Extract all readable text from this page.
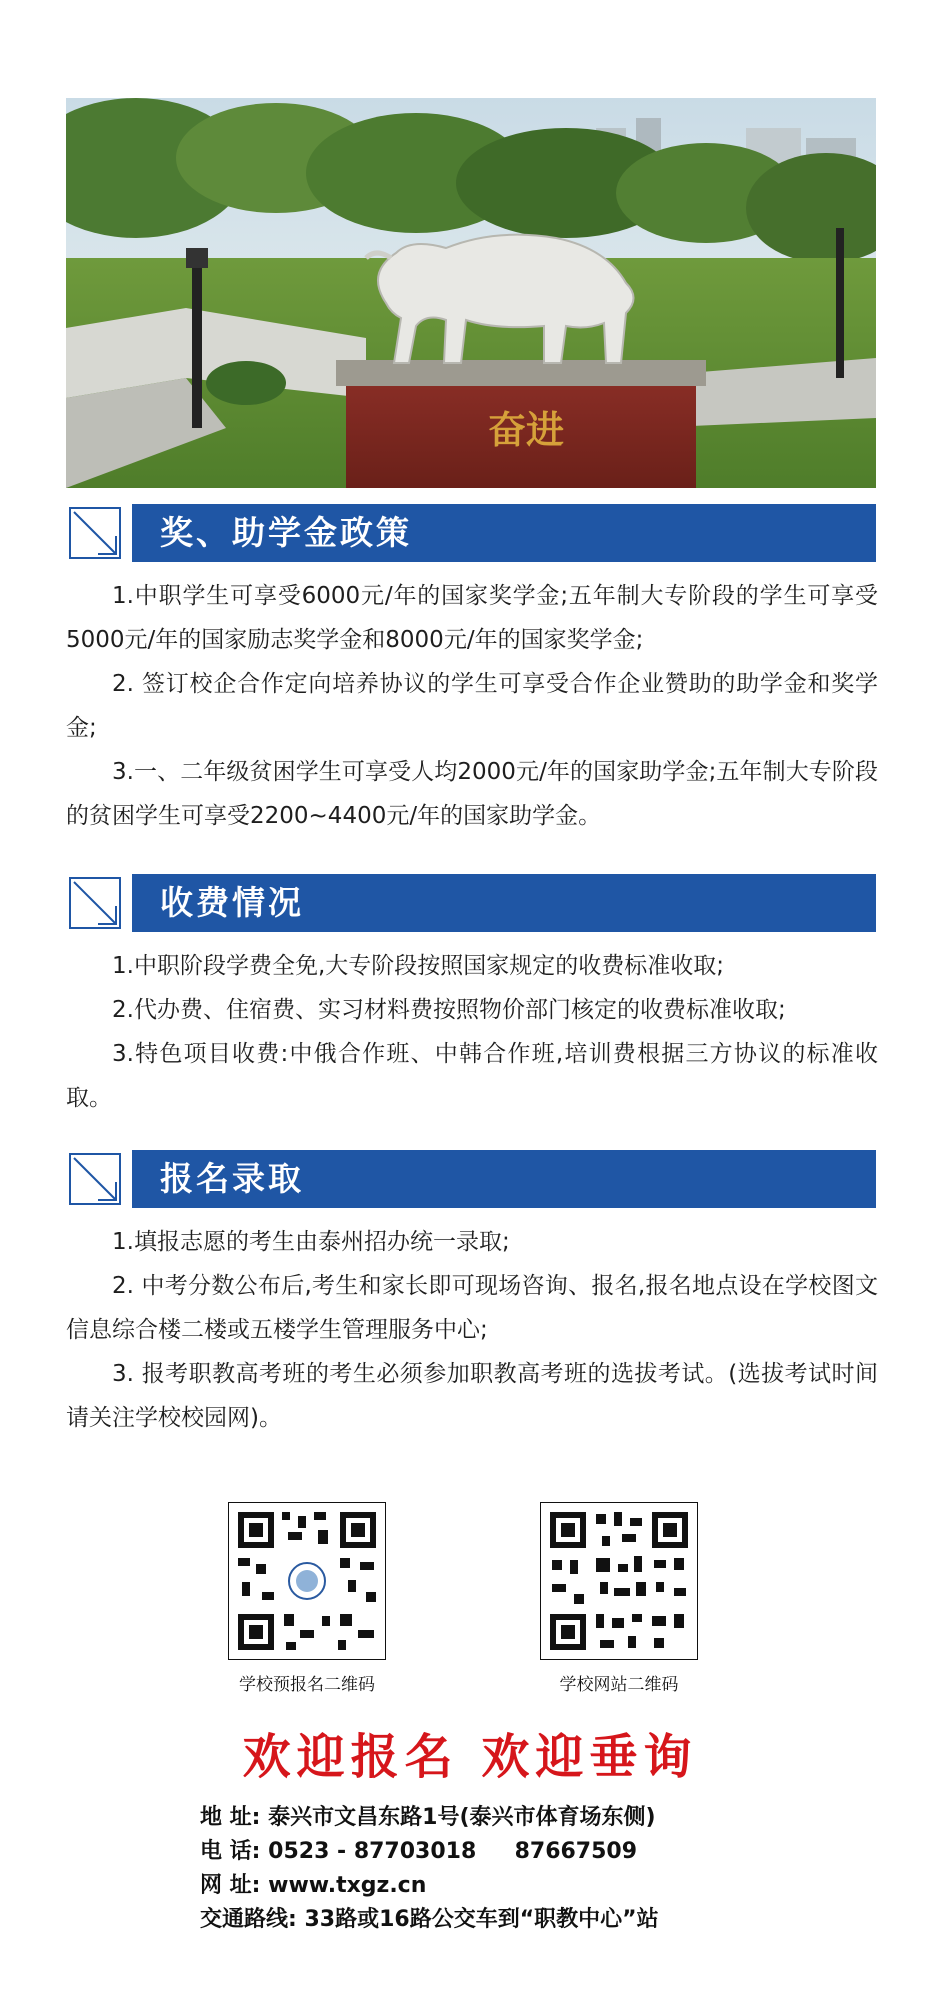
奋进
奖、助学金政策

1.中职学生可享受6000元/年的国家奖学金;五年制大专阶段的学生可享受5000元/年的国家励志奖学金和8000元/年的国家奖学金;

2. 签订校企合作定向培养协议的学生可享受合作企业赞助的助学金和奖学金;

3.一、二年级贫困学生可享受人均2000元/年的国家助学金;五年制大专阶段的贫困学生可享受2200~4400元/年的国家助学金。

收费情况

1.中职阶段学费全免,大专阶段按照国家规定的收费标准收取;

2.代办费、住宿费、实习材料费按照物价部门核定的收费标准收取;

3.特色项目收费:中俄合作班、中韩合作班,培训费根据三方协议的标准收取。

报名录取

1.填报志愿的考生由泰州招办统一录取;

2. 中考分数公布后,考生和家长即可现场咨询、报名,报名地点设在学校图文信息综合楼二楼或五楼学生管理服务中心;

3. 报考职教高考班的考生必须参加职教高考班的选拔考试。(选拔考试时间请关注学校校园网)。

学校预报名二维码	学校网站二维码
欢迎报名 欢迎垂询
地 址: 泰兴市文昌东路1号(泰兴市体育场东侧)
电 话: 0523 - 87703018     87667509
网 址: www.txgz.cn
交通路线: 33路或16路公交车到“职教中心”站
